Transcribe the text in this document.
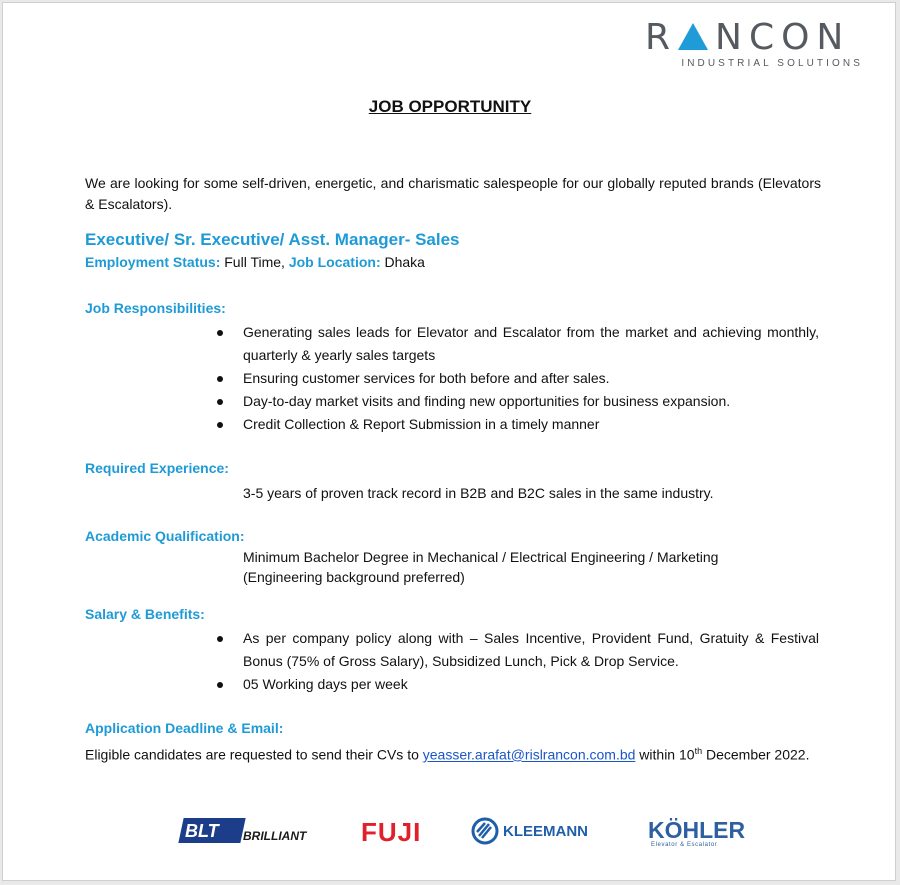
R NCON
INDUSTRIAL SOLUTIONS
JOB OPPORTUNITY
We are looking for some self-driven, energetic, and charismatic salespeople for our globally reputed brands (Elevators & Escalators).
Executive/ Sr. Executive/ Asst. Manager- Sales
Employment Status: Full Time, Job Location: Dhaka
Job Responsibilities:
Generating sales leads for Elevator and Escalator from the market and achieving monthly, quarterly & yearly sales targets
Ensuring customer services for both before and after sales.
Day-to-day market visits and finding new opportunities for business expansion.
Credit Collection & Report Submission in a timely manner
Required Experience:
3-5 years of proven track record in B2B and B2C sales in the same industry.
Academic Qualification:
Minimum Bachelor Degree in Mechanical / Electrical Engineering / Marketing
(Engineering background preferred)
Salary & Benefits:
As per company policy along with – Sales Incentive, Provident Fund, Gratuity & Festival Bonus (75% of Gross Salary), Subsidized Lunch, Pick & Drop Service.
05 Working days per week
Application Deadline & Email:
Eligible candidates are requested to send their CVs to yeasser.arafat@rislrancon.com.bd within 10th December 2022.
BLT	BRILLIANT FUJI	KLEEMANN	KÖHLER
Elevator & Escalator
